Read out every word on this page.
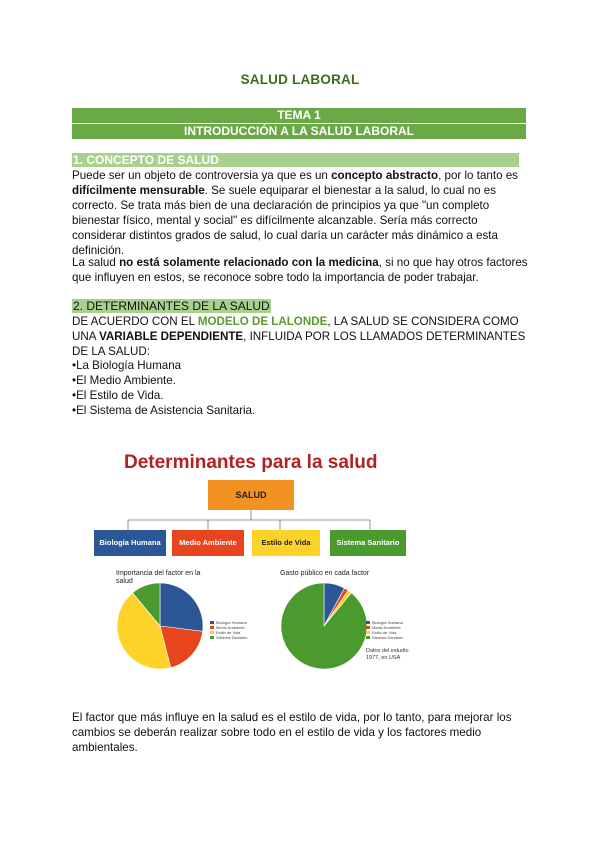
SALUD LABORAL
TEMA 1
INTRODUCCIÓN A LA SALUD LABORAL
1. CONCEPTO DE SALUD
Puede ser un objeto de controversia ya que es un concepto abstracto, por lo tanto es difícilmente mensurable. Se suele equiparar el bienestar a la salud, lo cual no es correcto. Se trata más bien de una declaración de principios ya que "un completo bienestar físico, mental y social" es difícilmente alcanzable. Sería más correcto considerar distintos grados de salud, lo cual daría un carácter más dinámico a esta definición.
La salud no está solamente relacionado con la medicina, si no que hay otros factores que influyen en estos, se reconoce sobre todo la importancia de poder trabajar.
2. DETERMINANTES DE LA SALUD
DE ACUERDO CON EL MODELO DE LALONDE, LA SALUD SE CONSIDERA COMO UNA VARIABLE DEPENDIENTE, INFLUIDA POR LOS LLAMADOS DETERMINANTES DE LA SALUD:
• La Biología Humana
• El Medio Ambiente.
• El Estilo de Vida.
• El Sistema de Asistencia Sanitaria.
Determinantes para la salud
SALUD
Biología Humana	Medio Ambiente	Estilo de Vida	Sistema Sanitario
Importancia del factor en la salud
Gasto público en cada factor
Biología Humana
Medio Ambiente
Estilo de Vida
Sistema Sanitario
Biología Humana
Medio Ambiente
Estilo de Vida
Sistema Sanitario
Datos del estudio 1977, en USA
El factor que más influye en la salud es el estilo de vida, por lo tanto, para mejorar los cambios se deberán realizar sobre todo en el estilo de vida y los factores medio ambientales.
